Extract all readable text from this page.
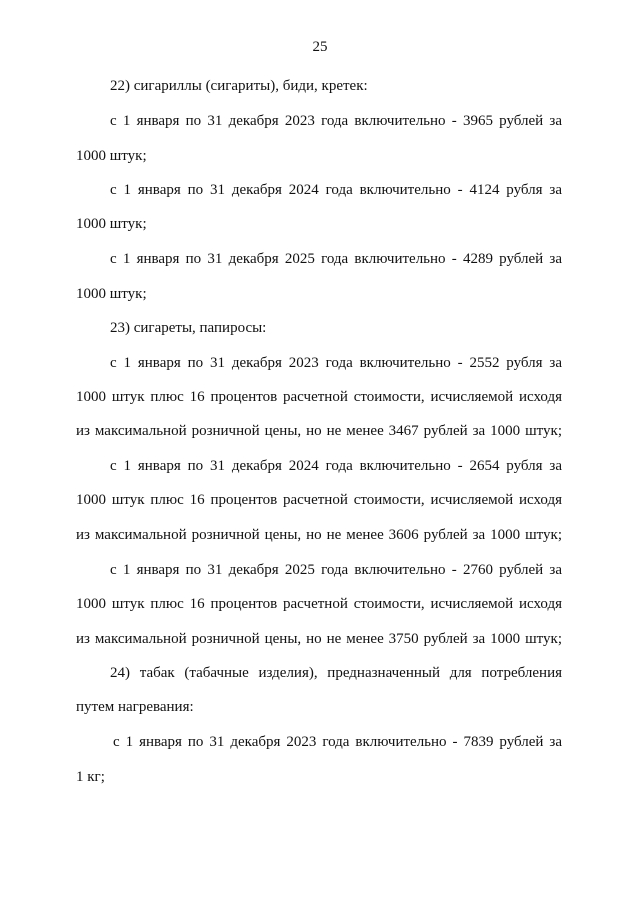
25
22) сигариллы (сигариты), биди, кретек:
с 1 января по 31 декабря 2023 года включительно - 3965 рублей за
1000 штук;
с 1 января по 31 декабря 2024 года включительно - 4124 рубля за
1000 штук;
с 1 января по 31 декабря 2025 года включительно - 4289 рублей за
1000 штук;
23) сигареты, папиросы:
с 1 января по 31 декабря 2023 года включительно - 2552 рубля за
1000 штук плюс 16 процентов расчетной стоимости, исчисляемой исходя
из максимальной розничной цены, но не менее 3467 рублей за 1000 штук;
с 1 января по 31 декабря 2024 года включительно - 2654 рубля за
1000 штук плюс 16 процентов расчетной стоимости, исчисляемой исходя
из максимальной розничной цены, но не менее 3606 рублей за 1000 штук;
с 1 января по 31 декабря 2025 года включительно - 2760 рублей за
1000 штук плюс 16 процентов расчетной стоимости, исчисляемой исходя
из максимальной розничной цены, но не менее 3750 рублей за 1000 штук;
24) табак (табачные изделия), предназначенный для потребления
путем нагревания:
с 1 января по 31 декабря 2023 года включительно - 7839 рублей за
1 кг;
